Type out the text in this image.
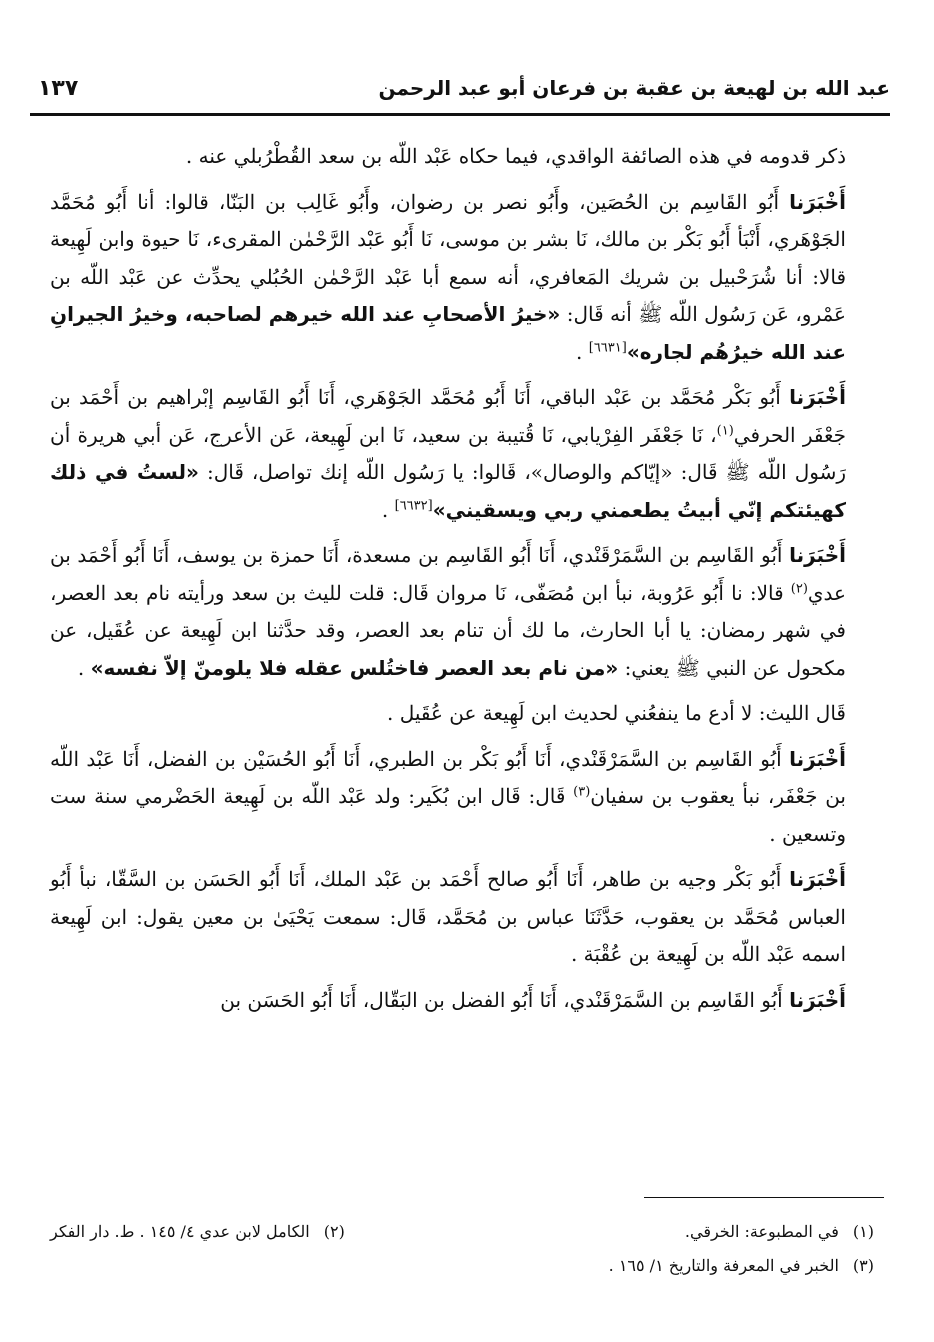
عبد الله بن لهيعة بن عقبة بن فرعان أبو عبد الرحمن
١٣٧

ذكر قدومه في هذه الصائفة الواقدي، فيما حكاه عَبْد اللّه بن سعد القُطْرُبلي عنه .

أَخْبَرَنا أَبُو القَاسِم بن الحُصَين، وأَبُو نصر بن رضوان، وأَبُو غَالِب بن البَنّا، قالوا: أنا أَبُو مُحَمَّد الجَوْهَري، أَنْبَأ أَبُو بَكْر بن مالك، نَا بشر بن موسى، نَا أَبُو عَبْد الرَّحْمٰن المقرىء، نَا حيوة وابن لَهِيعة قالا: أنا شُرَحْبيل بن شريك المَعافري، أنه سمع أبا عَبْد الرَّحْمٰن الحُبُلي يحدِّث عن عَبْد اللّه بن عَمْرو، عَن رَسُول اللّه ﷺ أنه قَال: «خيرُ الأصحابِ عند الله خيرهم لصاحبه، وخيرُ الجيرانِ عند الله خيرُهُم لجاره»[٦٦٣١] .

أَخْبَرَنا أَبُو بَكْر مُحَمَّد بن عَبْد الباقي، أَنَا أَبُو مُحَمَّد الجَوْهَري، أَنَا أَبُو القَاسِم إبْراهيم بن أَحْمَد بن جَعْفَر الحرفي$^{(١)}$، نَا جَعْفَر الفِرْيابي، نَا قُتيبة بن سعيد، نَا ابن لَهِيعة، عَن الأعرج، عَن أبي هريرة أن رَسُول اللّه ﷺ قَال: «إيّاكم والوصال»، قَالوا: يا رَسُول اللّه إنك تواصل، قَال: «لستُ في ذلك كهيئتكم إنّي أبيتُ يطعمني ربي ويسقيني»[٦٦٣٢] .

أَخْبَرَنا أَبُو القَاسِم بن السَّمَرْقَنْدي، أَنَا أَبُو القَاسِم بن مسعدة، أَنَا حمزة بن يوسف، أَنَا أَبُو أَحْمَد بن عدي$^{(٢)}$ قالا: نا أَبُو عَرُوبة، نبأ ابن مُصَفّى، نَا مروان قَال: قلت لليث بن سعد ورأيته نام بعد العصر، في شهر رمضان: يا أبا الحارث، ما لك أن تنام بعد العصر، وقد حدَّثنا ابن لَهِيعة عن عُقَيل، عن مكحول عن النبي ﷺ يعني: «من نام بعد العصر فاختُلس عقله فلا يلومنّ إلاّ نفسه» .

قَال الليث: لا أدع ما ينفعُني لحديث ابن لَهِيعة عن عُقَيل .

أَخْبَرَنا أَبُو القَاسِم بن السَّمَرْقَنْدي، أَنَا أَبُو بَكْر بن الطبري، أَنَا أَبُو الحُسَيْن بن الفضل، أَنَا عَبْد اللّه بن جَعْفَر، نبأ يعقوب بن سفيان$^{(٣)}$ قَال: قَال ابن بُكَير: ولد عَبْد اللّه بن لَهِيعة الحَضْرمي سنة ست وتسعين .

أَخْبَرَنا أَبُو بَكْر وجيه بن طاهر، أَنَا أَبُو صالح أَحْمَد بن عَبْد الملك، أَنَا أَبُو الحَسَن بن السَّقّا، نبأ أَبُو العباس مُحَمَّد بن يعقوب، حَدَّثَنَا عباس بن مُحَمَّد، قَال: سمعت يَحْيَىٰ بن معين يقول: ابن لَهِيعة اسمه عَبْد اللّه بن لَهِيعة بن عُقْبَة .

أَخْبَرَنا أَبُو القَاسِم بن السَّمَرْقَنْدي، أَنَا أَبُو الفضل بن البَقّال، أَنَا أَبُو الحَسَن بن

(١)في المطبوعة: الخرقي.
(٢)الكامل لابن عدي ٤/ ١٤٥ . ط. دار الفكر
(٣)الخبر في المعرفة والتاريخ ١/ ١٦٥ .
